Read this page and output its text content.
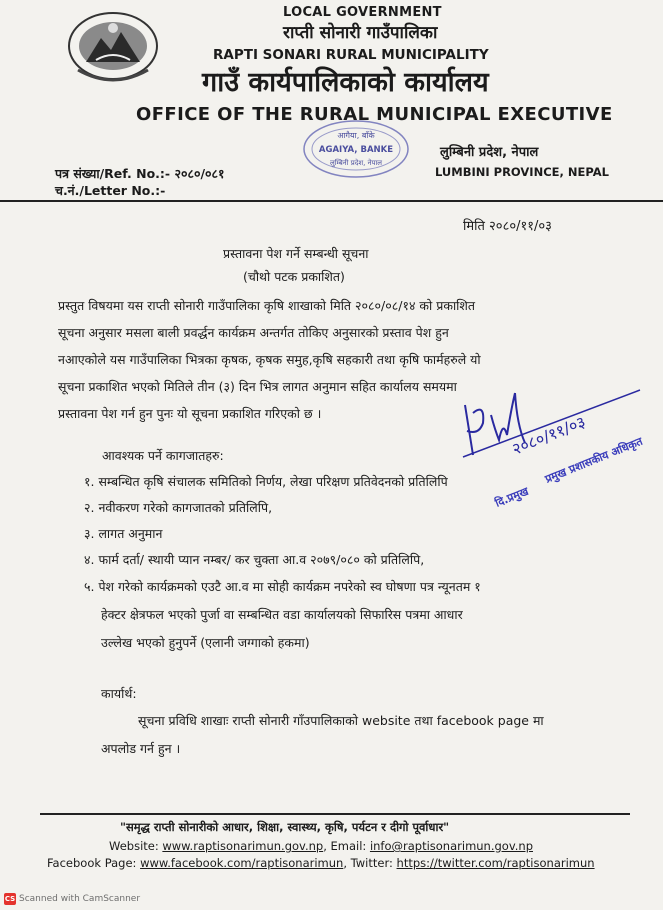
LOCAL GOVERNMENT
राप्ती सोनारी गाउँपालिका
RAPTI SONARI RURAL MUNICIPALITY
गाउँ कार्यपालिकाको कार्यालय
OFFICE OF THE RURAL MUNICIPAL EXECUTIVE
आगैया, बाँके
AGAIYA, BANKE
लुम्बिनी प्रदेश, नेपाल
पत्र संख्या/Ref. No.:- २०८०/०८१
च.नं./Letter No.:-
लुम्बिनी प्रदेश, नेपाल
LUMBINI PROVINCE, NEPAL
मिति २०८०/११/०३
प्रस्तावना पेश गर्ने सम्बन्धी सूचना
(चौथो पटक प्रकाशित)
प्रस्तुत विषयमा यस राप्ती सोनारी गाउँपालिका कृषि शाखाको मिति २०८०/०८/१४ को प्रकाशित
सूचना अनुसार मसला बाली प्रवर्द्धन कार्यक्रम अन्तर्गत तोकिए अनुसारको प्रस्ताव पेश हुन
नआएकोले यस गाउँपालिका भित्रका कृषक, कृषक समुह,कृषि सहकारी तथा कृषि फार्महरुले यो
सूचना प्रकाशित भएको मितिले तीन (३) दिन भित्र लागत अनुमान सहित कार्यालय समयमा
प्रस्तावना पेश गर्न हुन पुनः यो सूचना प्रकाशित गरिएको छ ।	२०८०/११/०३
दि.प्रमुख
प्रमुख प्रशासकीय अधिकृत
आवश्यक पर्ने कागजातहरु:
१. सम्बन्धित कृषि संचालक समितिको निर्णय, लेखा परिक्षण प्रतिवेदनको प्रतिलिपि
२. नवीकरण गरेको कागजातको प्रतिलिपि,
३. लागत अनुमान
४. फार्म दर्ता/ स्थायी प्यान नम्बर/ कर चुक्ता आ.व २०७९/०८० को प्रतिलिपि,
५. पेश गरेको कार्यक्रमको एउटै आ.व मा सोही कार्यक्रम नपरेको स्व घोषणा पत्र न्यूनतम १
हेक्टर क्षेत्रफल भएको पुर्जा वा सम्बन्धित वडा कार्यालयको सिफारिस पत्रमा आधार
उल्लेख भएको हुनुपर्ने (एलानी जग्गाको हकमा)
कार्यार्थ:
सूचना प्रविधि शाखाः राप्ती सोनारी गाँउपालिकाको website तथा facebook page मा
अपलोड गर्न हुन ।
"समृद्ध राप्ती सोनारीको आधार, शिक्षा, स्वास्थ्य, कृषि, पर्यटन र दीगो पूर्वाधार"
Website: www.raptisonarimun.gov.np, Email: info@raptisonarimun.gov.np
Facebook Page: www.facebook.com/raptisonarimun, Twitter: https://twitter.com/raptisonarimun
CS Scanned with CamScanner
